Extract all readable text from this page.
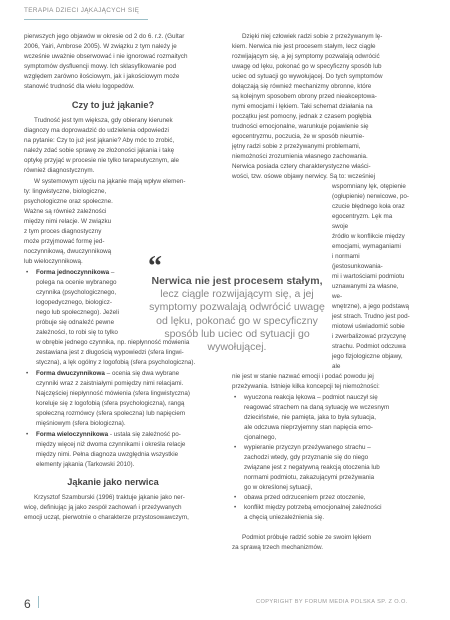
TERAPIA DZIECI JĄKAJĄCYCH SIĘ
pierwszych jego objawów w okresie od 2 do 6. r.ż. (Gultar
2006, Yairi, Ambrose 2005). W związku z tym należy je
wcześnie uważnie obserwować i nie ignorować rozmaitych
symptomów dysfluencji mowy. Ich sklasyfikowanie pod
względem zarówno ilościowym, jak i jakościowym może
stanowić trudność dla wielu logopedów.
Czy to już jąkanie?
Trudność jest tym większa, gdy obierany kierunek
diagnozy ma doprowadzić do udzielenia odpowiedzi
na pytanie: Czy to już jest jąkanie? Aby móc to zrobić,
należy zdać sobie sprawę ze złożoności jąkania i takę
optykę przyjąć w procesie nie tylko terapeutycznym, ale
również diagnostycznym.
W systemowym ujęciu na jąkanie mają wpływ elemen-
ty: lingwistyczne, biologiczne,
psychologiczne oraz społeczne.
Ważne są również zależności
między nimi relacje. W związku
z tym proces diagnostyczny
może przyjmować formę jed-
noczynnikową, dwuczynnikową
lub wieloczynnikową.
• Forma jednoczynnikowa –
polega na ocenie wybranego
czynnika (psychologicznego,
logopedycznego, biologicz-
nego lub społecznego). Jeżeli
próbuje się odnaleźć pewne
zależności, to robi się to tylko
w obrębie jednego czynnika, np. niepłynność mówienia
zestawiana jest z długością wypowiedzi (sfera lingwi-
styczna), a lęk ogólny z logofobią (sfera psychologiczna).
• Forma dwuczynnikowa – ocenia się dwa wybrane
czynniki wraz z zaistniałymi pomiędzy nimi relacjami.
Najczęściej niepłynność mówienia (sfera lingwistyczna)
koreluje się z logofobią (sfera psychologiczna), rangą
społeczną rozmówcy (sfera społeczna) lub napięciem
mięśniowym (sfera biologiczna).
• Forma wieloczynnikowa - ustala się zależność po-
między więcej niż dwoma czynnikami i określa relacje
między nimi. Pełna diagnoza uwzględnia wszystkie
elementy jąkania (Tarkowski 2010).
Jąkanie jako nerwica
Krzysztof Szamburski (1996) traktuje jąkanie jako ner-
wicę, definiując ją jako zespół zachowań i przeżywanych
emocji ucząt, pierwotnie o charakterze przystosowawczym,
Dzięki niej człowiek radzi sobie z przeżywanym lę-
kiem. Nerwica nie jest procesem stałym, lecz ciągle
rozwijającym się, a jej symptomy pozwalają odwrócić
uwagę od lęku, pokonać go w specyficzny sposób lub
uciec od sytuacji go wywołującej. Do tych symptomów
dołączają się również mechanizmy obronne, które
są kolejnym sposobem obrony przed nieakceptowa-
nymi emocjami i lękiem. Taki schemat działania na
początku jest pomocny, jednak z czasem pogłębia
trudności emocjonalne, warunkuje pojawienie się
egocentryzmu, poczucia, że w sposób nieumie-
jętny radzi sobie z przeżywanymi problemami,
niemożności zrozumienia własnego zachowania.
Nerwica posiada cztery charakterystyczne właści-
wości, tzw. ośowe objawy nerwicy. Są to: wcześniej
wspomniany lęk, otępienie
(ogłupienie) nerwicowe, po-
czucie błędnego koła oraz
egocentryzm. Lęk ma swoje
źródło w konflikcie między
emocjami, wymaganiami
i normami (jestosunkowania-
mi i wartościami podmiotu
uznawanymi za własne, we-
wnętrzne), a jego podstawą
jest strach. Trudno jest pod-
miotowi uświadomić sobie
i zwerbalizować przyczynę
strachu. Podmiot odczuwa
jego fizjologiczne objawy, ale
nie jest w stanie nazwać emocji i podać powodu jej
przeżywania. Istnieje kilka koncepcji tej niemożności:
• wyuczona reakcja lękowa – podmiot nauczył się
reagować strachem na daną sytuację we wczesnym
dzieciństwie, nie pamięta, jaka to była sytuacja,
ale odczuwa nieprzyjemny stan napięcia emo-
cjonalnego,
• wypieranie przyczyn przeżywanego strachu –
zachodzi wtedy, gdy przyznanie się do niego
związane jest z negatywną reakcją otoczenia lub
normami podmiotu, zakazującymi przeżywania
go w określonej sytuacji,
• obawa przed odrzuceniem przez otoczenie,
• konflikt między potrzebą emocjonalnej zależności
a chęcią uniezależnienia się.
Podmiot próbuje radzić sobie ze swoim lękiem
za sprawą trzech mechanizmów.
“
Nerwica nie jest procesem stałym, lecz ciągle rozwijającym się, a jej symptomy pozwalają odwrócić uwagę od lęku, pokonać go w specyficzny sposób lub uciec od sytuacji go wywołującej.
6	COPYRIGHT BY FORUM MEDIA POLSKA SP. Z O.O.
